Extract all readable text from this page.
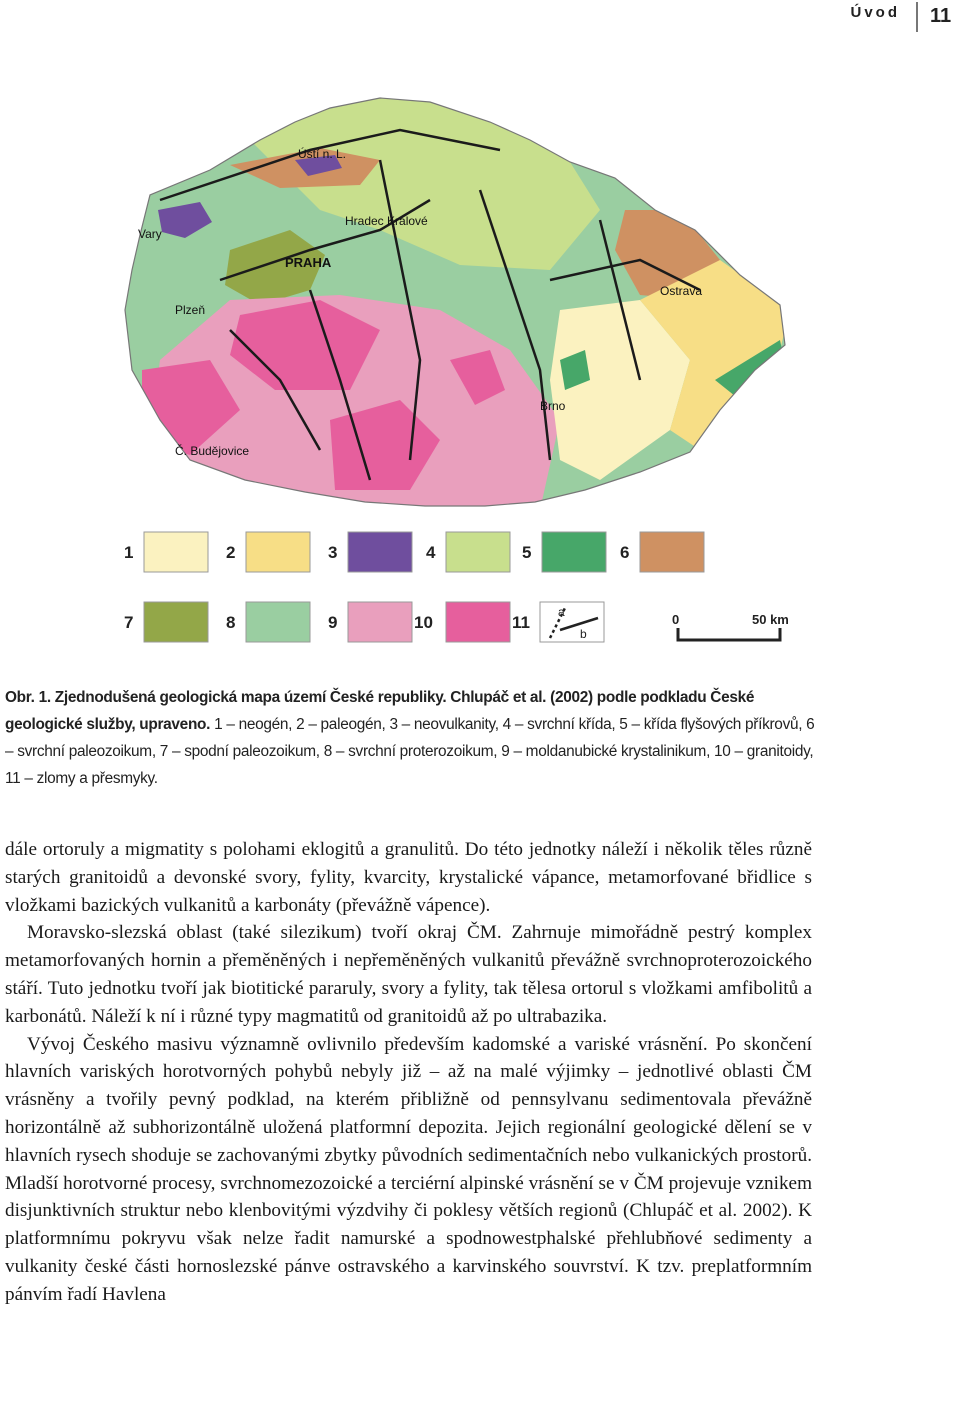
Úvod	11
Ústí n. L.
Hradec Kralové
Vary
PRAHA
Plzeň
Ostrava
Brno
Č. Budějovice
1	2	3	4	5	6
7	8	9	10	11
a
b
0	50 km
Obr. 1. Zjednodušená geologická mapa území České republiky. Chlupáč et al. (2002) podle podkladu České geologické služby, upraveno. 1 – neogén, 2 – paleogén, 3 – neovulkanity, 4 – svrchní křída, 5 – křída flyšových příkrovů, 6 – svrchní paleozoikum, 7 – spodní paleozoikum, 8 – svrchní proterozoikum, 9 – moldanubické krystalinikum, 10 – granitoidy, 11 – zlomy a přesmyky.

dále ortoruly a migmatity s polohami eklogitů a granulitů. Do této jednotky náleží i několik těles různě starých granitoidů a devonské svory, fylity, kvarcity, krystalické vápance, metamorfované břidlice s vložkami bazických vulkanitů a karbonáty (převážně vápence).

Moravsko-slezská oblast (také silezikum) tvoří okraj ČM. Zahrnuje mimořádně pestrý komplex metamorfovaných hornin a přeměněných i nepřeměněných vulkanitů převážně svrchnoproterozoického stáří. Tuto jednotku tvoří jak biotitické pararuly, svory a fylity, tak tělesa ortorul s vložkami amfibolitů a karbonátů. Náleží k ní i různé typy magmatitů od granitoidů až po ultrabazika.

Vývoj Českého masivu významně ovlivnilo především kadomské a variské vrásnění. Po skončení hlavních variských horotvorných pohybů nebyly již – až na malé výjimky – jednotlivé oblasti ČM vrásněny a tvořily pevný podklad, na kterém přibližně od pennsylvanu sedimentovala převážně horizontálně až subhorizontálně uložená platformní depozita. Jejich regionální geologické dělení se v hlavních rysech shoduje se zachovanými zbytky původních sedimentačních nebo vulkanických prostorů. Mladší horotvorné procesy, svrchnomezozoické a terciérní alpinské vrásnění se v ČM projevuje vznikem disjunktivních struktur nebo klenbovitými výzdvihy či poklesy větších regionů (Chlupáč et al. 2002). K platformnímu pokryvu však nelze řadit namurské a spodnowestphalské přehlubňové sedimenty a vulkanity české části hornoslezské pánve ostravského a karvinského souvrství. K tzv. preplatformním pánvím řadí Havlena
